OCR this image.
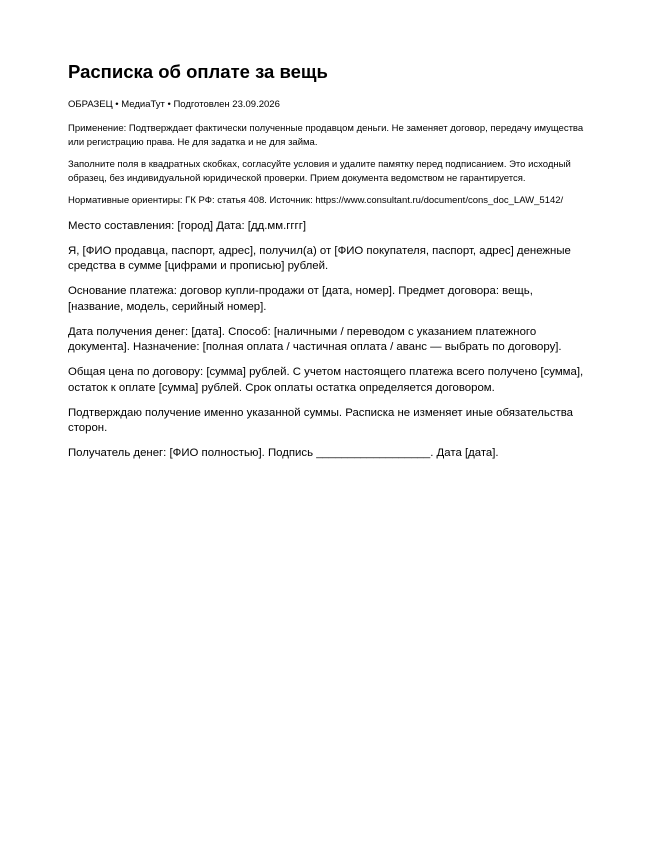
Расписка об оплате за вещь

ОБРАЗЕЦ • МедиаТут • Подготовлен 23.09.2026

Применение: Подтверждает фактически полученные продавцом деньги. Не заменяет договор, передачу имущества или регистрацию права. Не для задатка и не для займа.

Заполните поля в квадратных скобках, согласуйте условия и удалите памятку перед подписанием. Это исходный образец, без индивидуальной юридической проверки. Прием документа ведомством не гарантируется.

Нормативные ориентиры: ГК РФ: статья 408. Источник: https://www.consultant.ru/document/cons_doc_LAW_5142/

Место составления: [город] Дата: [дд.мм.гггг]

Я, [ФИО продавца, паспорт, адрес], получил(а) от [ФИО покупателя, паспорт, адрес] денежные средства в сумме [цифрами и прописью] рублей.

Основание платежа: договор купли-продажи от [дата, номер]. Предмет договора: вещь, [название, модель, серийный номер].

Дата получения денег: [дата]. Способ: [наличными / переводом с указанием платежного документа]. Назначение: [полная оплата / частичная оплата / аванс — выбрать по договору].

Общая цена по договору: [сумма] рублей. С учетом настоящего платежа всего получено [сумма], остаток к оплате [сумма] рублей. Срок оплаты остатка определяется договором.

Подтверждаю получение именно указанной суммы. Расписка не изменяет иные обязательства сторон.

Получатель денег: [ФИО полностью]. Подпись __________________. Дата [дата].
